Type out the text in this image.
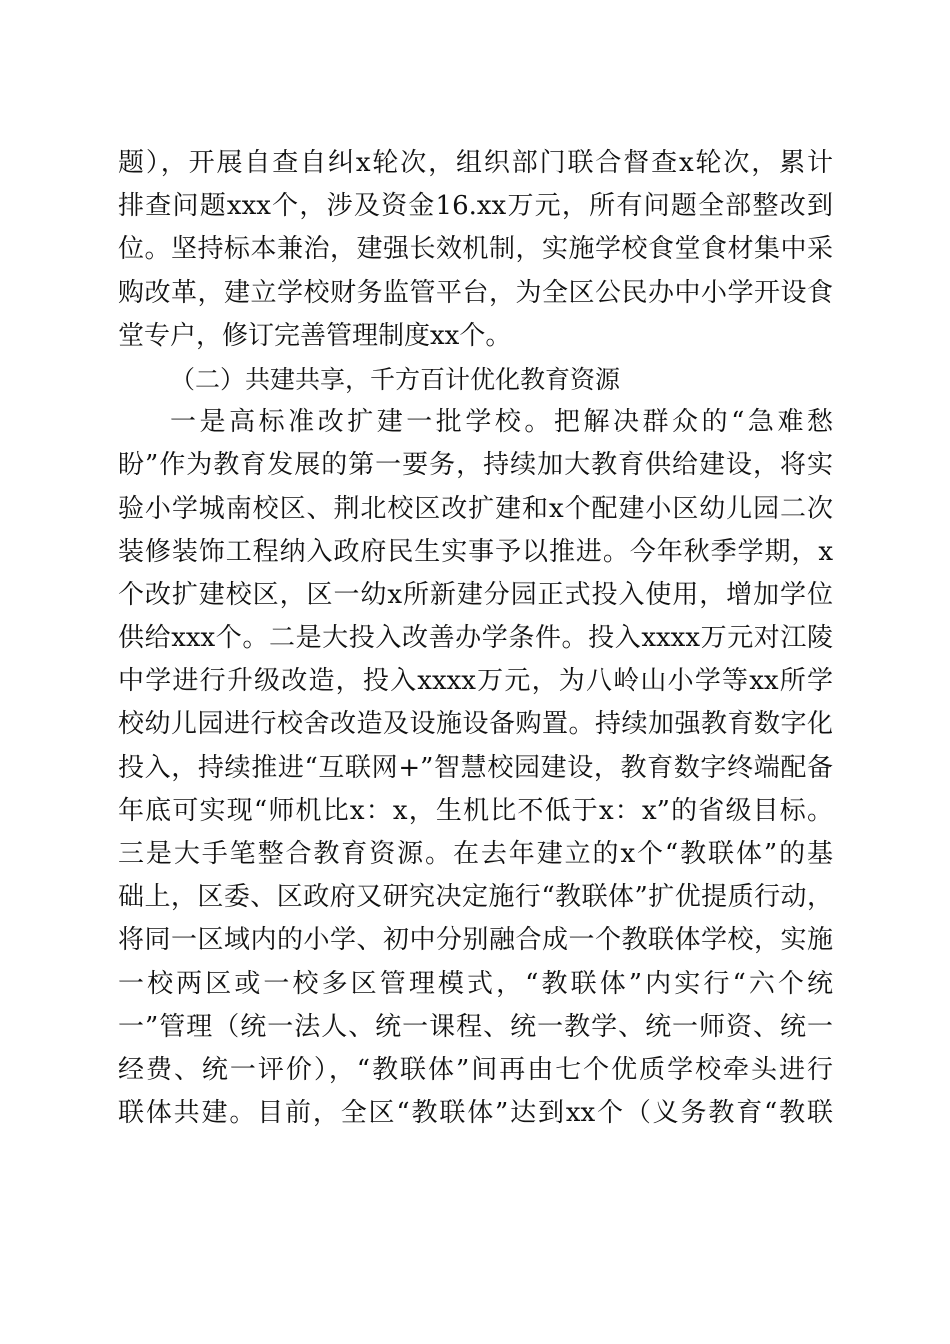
题），开展自查自纠x轮次，组织部门联合督查x轮次，累计
排查问题xxx个，涉及资金16.xx万元，所有问题全部整改到
位。坚持标本兼治，建强长效机制，实施学校食堂食材集中采
购改革，建立学校财务监管平台，为全区公民办中小学开设食
堂专户，修订完善管理制度xx个。
（二）共建共享，千方百计优化教育资源
一是高标准改扩建一批学校。把解决群众的“急难愁
盼”作为教育发展的第一要务，持续加大教育供给建设，将实
验小学城南校区、荆北校区改扩建和x个配建小区幼儿园二次
装修装饰工程纳入政府民生实事予以推进。今年秋季学期，x
个改扩建校区，区一幼x所新建分园正式投入使用，增加学位
供给xxx个。二是大投入改善办学条件。投入xxxx万元对江陵
中学进行升级改造，投入xxxx万元，为八岭山小学等xx所学
校幼儿园进行校舍改造及设施设备购置。持续加强教育数字化
投入，持续推进“互联网+”智慧校园建设，教育数字终端配备
年底可实现“师机比x：x，生机比不低于x：x”的省级目标。
三是大手笔整合教育资源。在去年建立的x个“教联体”的基
础上，区委、区政府又研究决定施行“教联体”扩优提质行动，
将同一区域内的小学、初中分别融合成一个教联体学校，实施
一校两区或一校多区管理模式，“教联体”内实行“六个统
一”管理（统一法人、统一课程、统一教学、统一师资、统一
经费、统一评价），“教联体”间再由七个优质学校牵头进行
联体共建。目前，全区“教联体”达到xx个（义务教育“教联
